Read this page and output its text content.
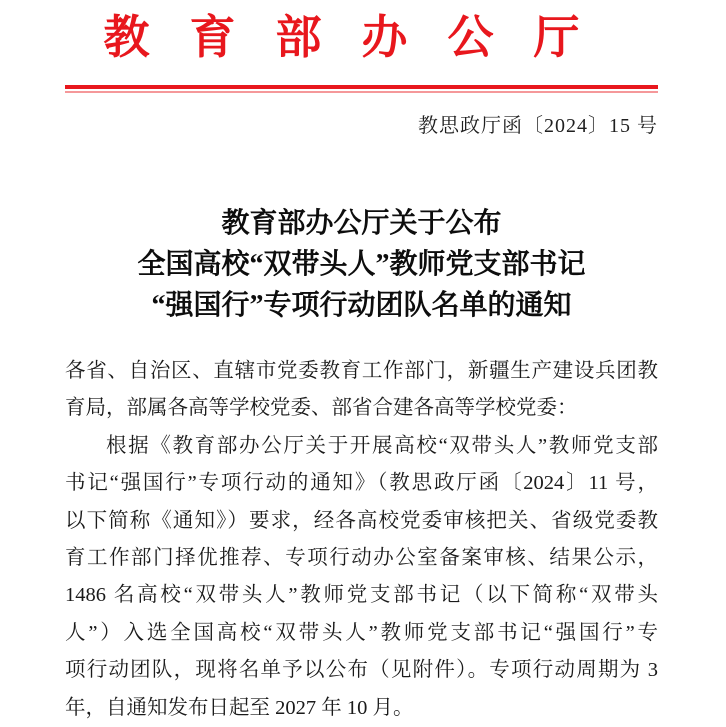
教育部办公厅
教思政厅函〔2024〕15 号
教育部办公厅关于公布
全国高校“双带头人”教师党支部书记
“强国行”专项行动团队名单的通知
各省、自治区、直辖市党委教育工作部门，新疆生产建设兵团教
育局，部属各高等学校党委、部省合建各高等学校党委：
根据《教育部办公厅关于开展高校“双带头人”教师党支部
书记“强国行”专项行动的通知》（教思政厅函〔2024〕11 号，
以下简称《通知》）要求，经各高校党委审核把关、省级党委教
育工作部门择优推荐、专项行动办公室备案审核、结果公示，
1486 名高校“双带头人”教师党支部书记（以下简称“双带头
人”）入选全国高校“双带头人”教师党支部书记“强国行”专
项行动团队，现将名单予以公布（见附件）。专项行动周期为 3
年，自通知发布日起至 2027 年 10 月。
